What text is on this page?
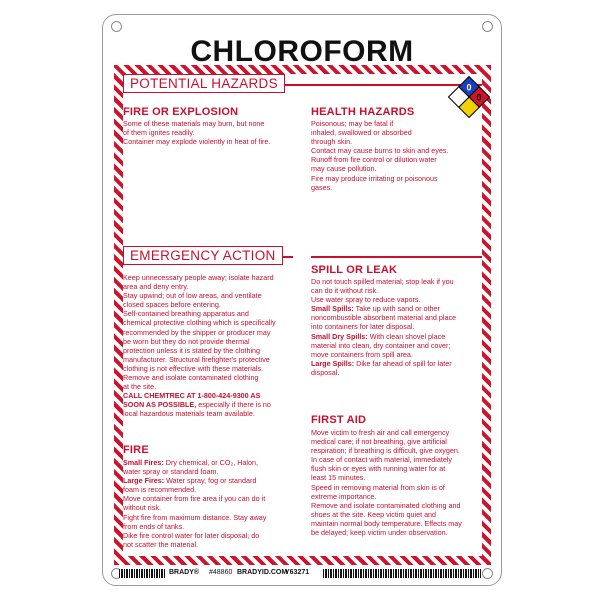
CHLOROFORM
POTENTIAL HAZARDS
2
0
0
FIRE OR EXPLOSION
Some of these materials may burn, but none
of them ignites readily.
Container may explode violently in heat of fire.
HEALTH HAZARDS
Poisonous; may be fatal if
inhaled, swallowed or absorbed
through skin.
Contact may cause burns to skin and eyes.
Runoff from fire control or dilution water
may cause pollution.
Fire may produce irritating or poisonous
gases.
EMERGENCY ACTION
Keep unnecessary people away; isolate hazard
area and deny entry.
Stay upwind; out of low areas, and ventilate
closed spaces before entering.
Self-contained breathing apparatus and
chemical protective clothing which is specifically
recommended by the shipper or producer may
be worn but they do not provide thermal
protection unless it is stated by the clothing
manufacturer. Structural firefighter's protective
clothing is not effective with these materials.
Remove and isolate contaminated clothing
at the site.
CALL CHEMTREC AT 1-800-424-9300 AS
SOON AS POSSIBLE, especially if there is no
local hazardous materials team available.
FIRE
Small Fires: Dry chemical, or CO₂, Halon,
water spray or standard foam.
Large Fires: Water spray, fog or standard
foam is recommended.
Move container from fire area if you can do it
without risk.
Fight fire from maximum distance. Stay away
from ends of tanks.
Dike fire control water for later disposal; do
not scatter the material.
SPILL OR LEAK
Do not touch spilled material; stop leak if you
can do it without risk.
Use water spray to reduce vapors.
Small Spills: Take up with sand or other
noncombustible absorbent material and place
into containers for later disposal.
Small Dry Spills: With clean shovel place
material into clean, dry container and cover;
move containers from spill area.
Large Spills: Dike far ahead of spill for later
disposal.
FIRST AID
Move victim to fresh air and call emergency
medical care; if not breathing, give artificial
respiration; if breathing is difficult, give oxygen.
In case of contact with material, immediately
flush skin or eyes with running water for at
least 15 minutes.
Speed in removing material from skin is of
extreme importance.
Remove and isolate contaminated clothing and
shoes at the site. Keep victim quiet and
maintain normal body temperature. Effects may
be delayed; keep victim under observation.
BRADY® #48860 BRADYID.COM
Y63271
